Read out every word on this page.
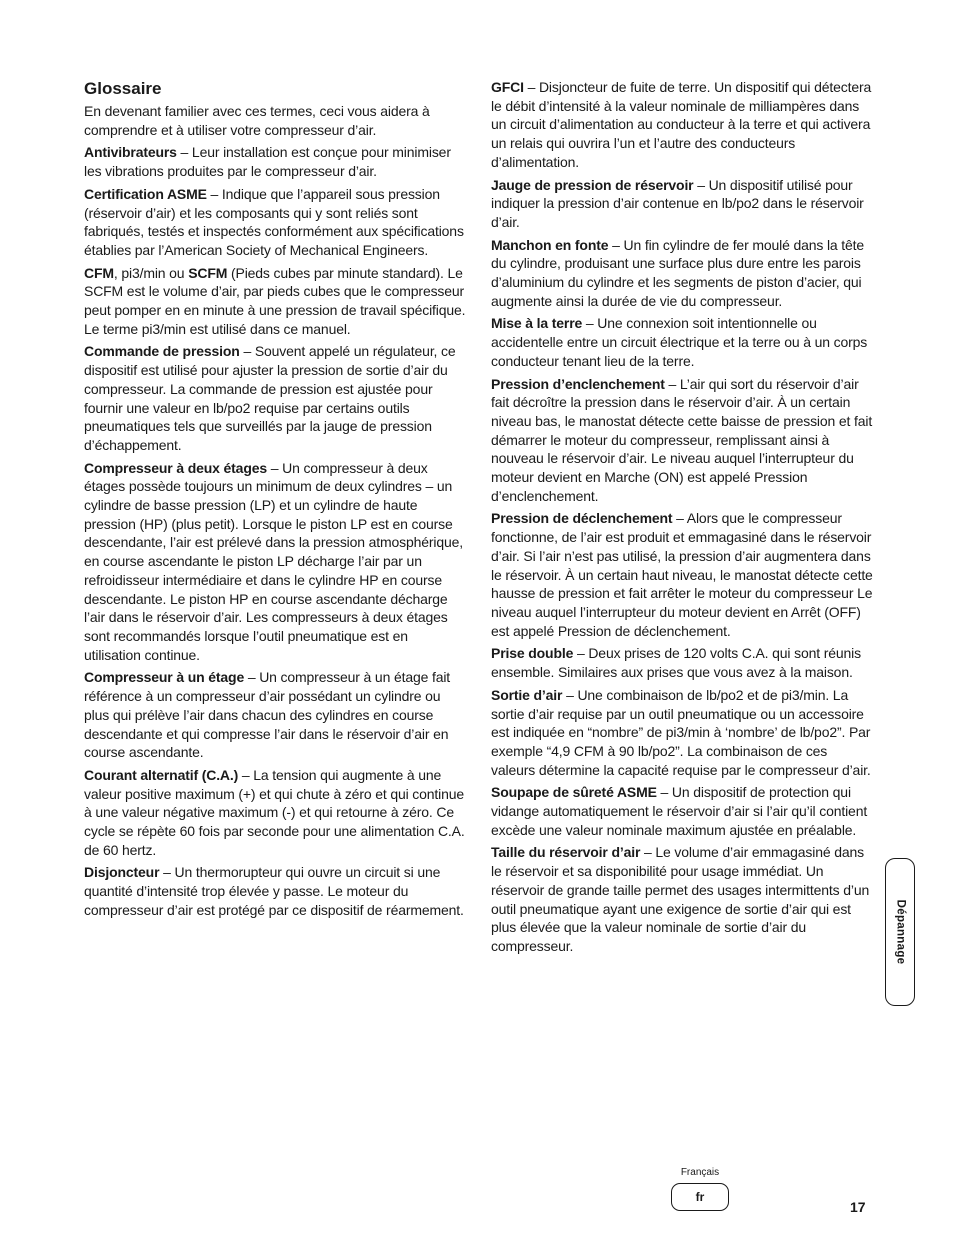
Glossaire

En devenant familier avec ces termes, ceci vous aidera à comprendre et à utiliser votre compresseur d’air.

Antivibrateurs – Leur installation est conçue pour minimiser les vibrations produites par le compresseur d’air.

Certification ASME – Indique que l’appareil sous pression (réservoir d’air) et les composants qui y sont reliés sont fabriqués, testés et inspectés conformément aux spécifications établies par l’American Society of Mechanical Engineers.

CFM, pi3/min ou SCFM (Pieds cubes par minute standard). Le SCFM est le volume d’air, par pieds cubes que le compresseur peut pomper en en minute à une pression de travail spécifique. Le terme pi3/min est utilisé dans ce manuel.

Commande de pression – Souvent appelé un régulateur, ce dispositif est utilisé pour ajuster la pression de sortie d’air du compresseur. La commande de pression est ajustée pour fournir une valeur en lb/po2 requise par certains outils pneumatiques tels que surveillés par la jauge de pression d’échappement.

Compresseur à deux étages – Un compresseur à deux étages possède toujours un minimum de deux cylindres – un cylindre de basse pression (LP) et un cylindre de haute pression (HP) (plus petit). Lorsque le piston LP est en course descendante, l’air est prélevé dans la pression atmosphérique, en course ascendante le piston LP décharge l’air par un refroidisseur intermédiaire et dans le cylindre HP en course descendante. Le piston HP en course ascendante décharge l’air dans le réservoir d’air. Les compresseurs à deux étages sont recommandés lorsque l’outil pneumatique est en utilisation continue.

Compresseur à un étage – Un compresseur à un étage fait référence à un compresseur d’air possédant un cylindre ou plus qui prélève l’air dans chacun des cylindres en course descendante et qui compresse l’air dans le réservoir d’air en course ascendante.

Courant alternatif (C.A.) – La tension qui augmente à une valeur positive maximum (+) et qui chute à zéro et qui continue à une valeur négative maximum (-) et qui retourne à zéro. Ce cycle se répète 60 fois par seconde pour une alimentation C.A. de 60 hertz.

Disjoncteur – Un thermorupteur qui ouvre un circuit si une quantité d’intensité trop élevée y passe. Le moteur du compresseur d’air est protégé par ce dispositif de réarmement.

GFCI – Disjoncteur de fuite de terre. Un dispositif qui détectera le débit d’intensité à la valeur nominale de milliampères dans un circuit d’alimentation au conducteur à la terre et qui activera un relais qui ouvrira l’un et l’autre des conducteurs d’alimentation.

Jauge de pression de réservoir – Un dispositif utilisé pour indiquer la pression d’air contenue en lb/po2 dans le réservoir d’air.

Manchon en fonte – Un fin cylindre de fer moulé dans la tête du cylindre, produisant une surface plus dure entre les parois d’aluminium du cylindre et les segments de piston d’acier, qui augmente ainsi la durée de vie du compresseur.

Mise à la terre – Une connexion soit intentionnelle ou accidentelle entre un circuit électrique et la terre ou à un corps conducteur tenant lieu de la terre.

Pression d’enclenchement – L’air qui sort du réservoir d’air fait décroître la pression dans le réservoir d’air. À un certain niveau bas, le manostat détecte cette baisse de pression et fait démarrer le moteur du compresseur, remplissant ainsi à nouveau le réservoir d’air. Le niveau auquel l’interrupteur du moteur devient en Marche (ON) est appelé Pression d’enclenchement.

Pression de déclenchement – Alors que le compresseur fonctionne, de l’air est produit et emmagasiné dans le réservoir d’air. Si l’air n’est pas utilisé, la pression d’air augmentera dans le réservoir. À un certain haut niveau, le manostat détecte cette hausse de pression et fait arrêter le moteur du compresseur Le niveau auquel l’interrupteur du moteur devient en Arrêt (OFF) est appelé Pression de déclenchement.

Prise double – Deux prises de 120 volts C.A. qui sont réunis ensemble. Similaires aux prises que vous avez à la maison.

Sortie d’air – Une combinaison de lb/po2 et de pi3/min. La sortie d’air requise par un outil pneumatique ou un accessoire est indiquée en “nombre” de pi3/min à ‘nombre’ de lb/po2”. Par exemple “4,9 CFM à 90 lb/po2”. La combinaison de ces valeurs détermine la capacité requise par le compresseur d’air.

Soupape de sûreté ASME – Un dispositif de protection qui vidange automatiquement le réservoir d’air si l’air qu’il contient excède une valeur nominale maximum ajustée en préalable.

Taille du réservoir d’air – Le volume d’air emmagasiné dans le réservoir et sa disponibilité pour usage immédiat. Un réservoir de grande taille permet des usages intermittents d’un outil pneumatique ayant une exigence de sortie d’air qui est plus élevée que la valeur nominale de sortie d’air du compresseur.	Dépannage
Français
fr
17
